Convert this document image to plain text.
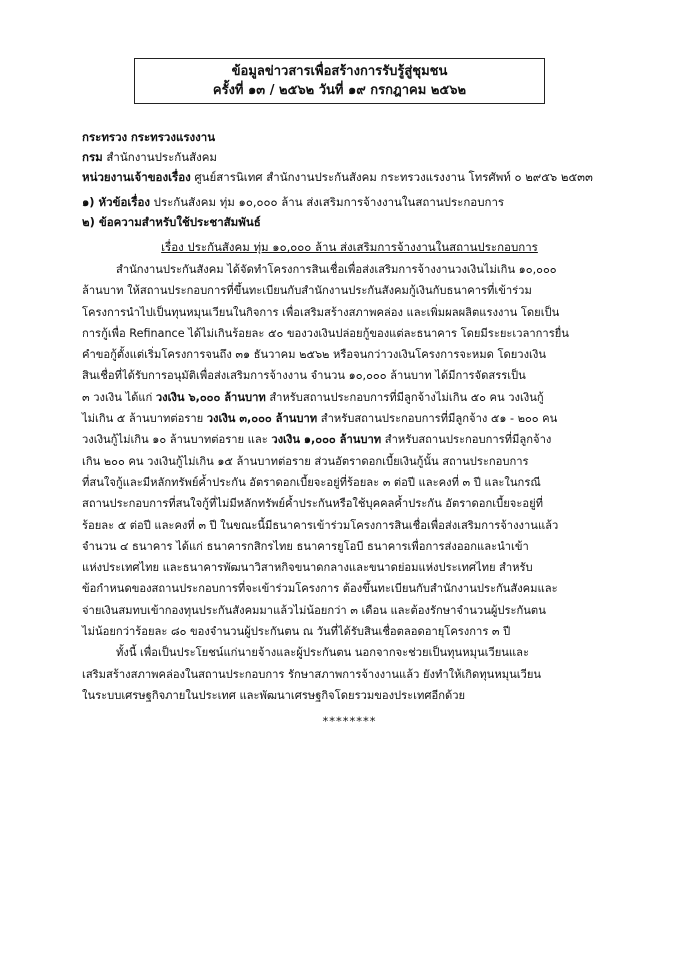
ข้อมูลข่าวสารเพื่อสร้างการรับรู้สู่ชุมชน
ครั้งที่ ๑๓ / ๒๕๖๒ วันที่ ๑๙ กรกฎาคม ๒๕๖๒
กระทรวง กระทรวงแรงงาน
กรม สำนักงานประกันสังคม
หน่วยงานเจ้าของเรื่อง ศูนย์สารนิเทศ สำนักงานประกันสังคม กระทรวงแรงงาน โทรศัพท์ ๐ ๒๙๕๖ ๒๕๓๓
๑) หัวข้อเรื่อง ประกันสังคม ทุ่ม ๑๐,๐๐๐ ล้าน ส่งเสริมการจ้างงานในสถานประกอบการ
๒) ข้อความสำหรับใช้ประชาสัมพันธ์
เรื่อง ประกันสังคม ทุ่ม ๑๐,๐๐๐ ล้าน ส่งเสริมการจ้างงานในสถานประกอบการ
สำนักงานประกันสังคม ได้จัดทำโครงการสินเชื่อเพื่อส่งเสริมการจ้างงานวงเงินไม่เกิน ๑๐,๐๐๐
ล้านบาท ให้สถานประกอบการที่ขึ้นทะเบียนกับสำนักงานประกันสังคมกู้เงินกับธนาคารที่เข้าร่วม
โครงการนำไปเป็นทุนหมุนเวียนในกิจการ เพื่อเสริมสร้างสภาพคล่อง และเพิ่มผลผลิตแรงงาน โดยเป็น
การกู้เพื่อ Refinance ได้ไม่เกินร้อยละ ๕๐ ของวงเงินปล่อยกู้ของแต่ละธนาคาร โดยมีระยะเวลาการยื่น
คำขอกู้ตั้งแต่เริ่มโครงการจนถึง ๓๑ ธันวาคม ๒๕๖๒ หรือจนกว่าวงเงินโครงการจะหมด โดยวงเงิน
สินเชื่อที่ได้รับการอนุมัติเพื่อส่งเสริมการจ้างงาน จำนวน ๑๐,๐๐๐ ล้านบาท ได้มีการจัดสรรเป็น
๓ วงเงิน ได้แก่ วงเงิน ๖,๐๐๐ ล้านบาท สำหรับสถานประกอบการที่มีลูกจ้างไม่เกิน ๕๐ คน วงเงินกู้
ไม่เกิน ๕ ล้านบาทต่อราย วงเงิน ๓,๐๐๐ ล้านบาท สำหรับสถานประกอบการที่มีลูกจ้าง ๕๑ - ๒๐๐ คน
วงเงินกู้ไม่เกิน ๑๐ ล้านบาทต่อราย และ วงเงิน ๑,๐๐๐ ล้านบาท สำหรับสถานประกอบการที่มีลูกจ้าง
เกิน ๒๐๐ คน วงเงินกู้ไม่เกิน ๑๕ ล้านบาทต่อราย ส่วนอัตราดอกเบี้ยเงินกู้นั้น สถานประกอบการ
ที่สนใจกู้และมีหลักทรัพย์ค้ำประกัน อัตราดอกเบี้ยจะอยู่ที่ร้อยละ ๓ ต่อปี และคงที่ ๓ ปี และในกรณี
สถานประกอบการที่สนใจกู้ที่ไม่มีหลักทรัพย์ค้ำประกันหรือใช้บุคคลค้ำประกัน อัตราดอกเบี้ยจะอยู่ที่
ร้อยละ ๕ ต่อปี และคงที่ ๓ ปี ในขณะนี้มีธนาคารเข้าร่วมโครงการสินเชื่อเพื่อส่งเสริมการจ้างงานแล้ว
จำนวน ๔ ธนาคาร ได้แก่ ธนาคารกสิกรไทย ธนาคารยูโอบี ธนาคารเพื่อการส่งออกและนำเข้า
แห่งประเทศไทย และธนาคารพัฒนาวิสาหกิจขนาดกลางและขนาดย่อมแห่งประเทศไทย สำหรับ
ข้อกำหนดของสถานประกอบการที่จะเข้าร่วมโครงการ ต้องขึ้นทะเบียนกับสำนักงานประกันสังคมและ
จ่ายเงินสมทบเข้ากองทุนประกันสังคมมาแล้วไม่น้อยกว่า ๓ เดือน และต้องรักษาจำนวนผู้ประกันตน
ไม่น้อยกว่าร้อยละ ๘๐ ของจำนวนผู้ประกันตน ณ วันที่ได้รับสินเชื่อตลอดอายุโครงการ ๓ ปี
ทั้งนี้ เพื่อเป็นประโยชน์แก่นายจ้างและผู้ประกันตน นอกจากจะช่วยเป็นทุนหมุนเวียนและ
เสริมสร้างสภาพคล่องในสถานประกอบการ รักษาสภาพการจ้างงานแล้ว ยังทำให้เกิดทุนหมุนเวียน
ในระบบเศรษฐกิจภายในประเทศ และพัฒนาเศรษฐกิจโดยรวมของประเทศอีกด้วย
********
